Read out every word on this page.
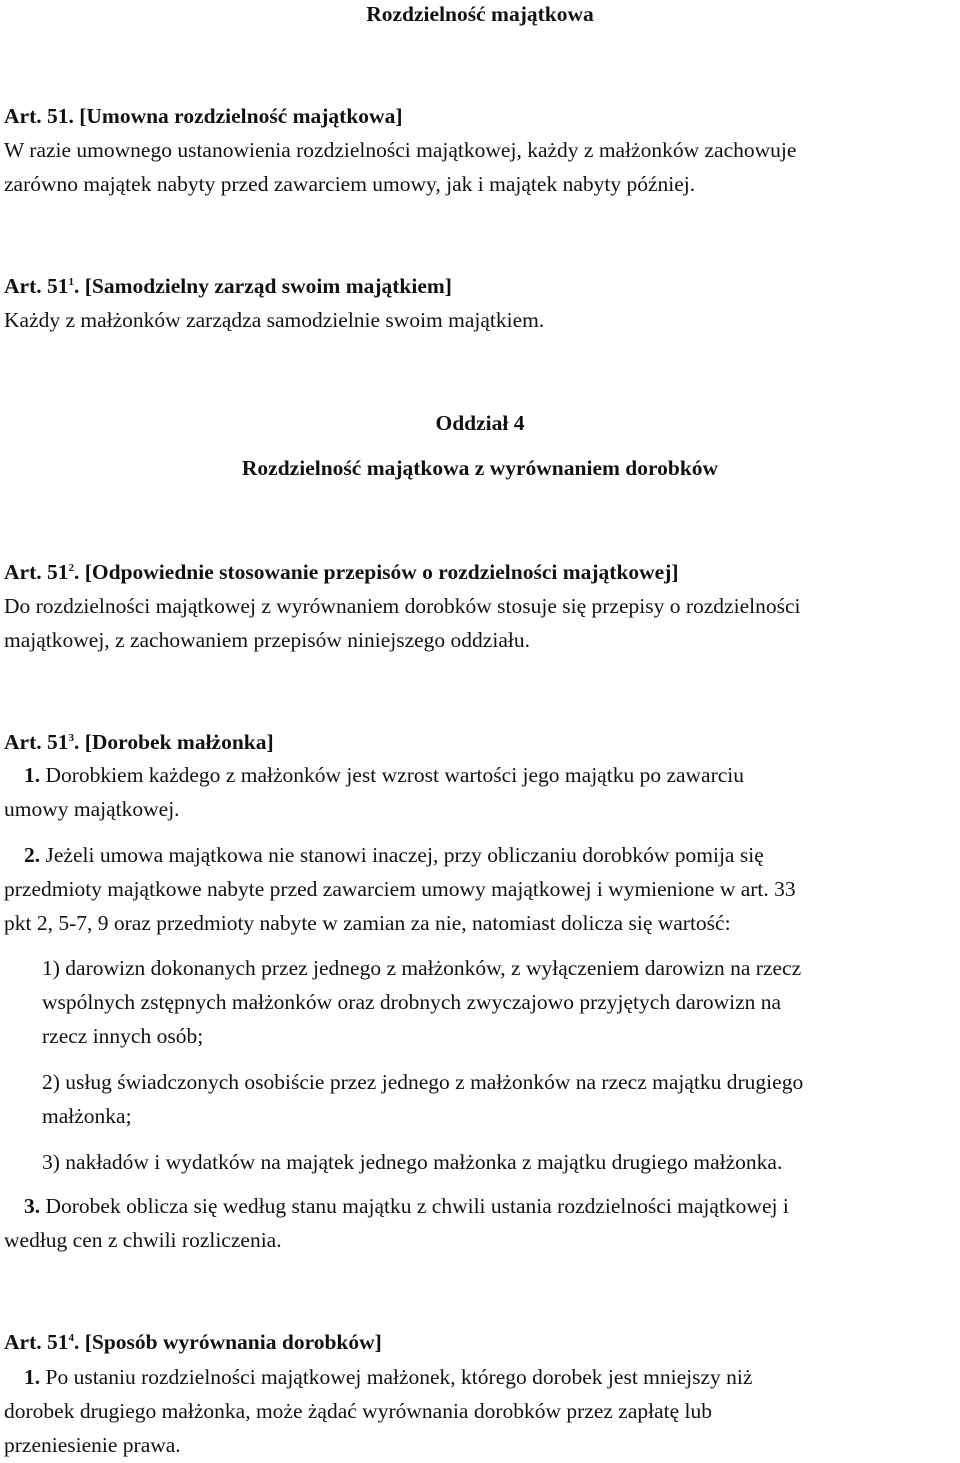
Rozdzielność majątkowa
Art. 51. [Umowna rozdzielność majątkowa]
W razie umownego ustanowienia rozdzielności majątkowej, każdy z małżonków zachowuje
zarówno majątek nabyty przed zawarciem umowy, jak i majątek nabyty później.
Art. $51^1$. [Samodzielny zarząd swoim majątkiem]
Każdy z małżonków zarządza samodzielnie swoim majątkiem.
Oddział 4
Rozdzielność majątkowa z wyrównaniem dorobków
Art. $51^2$. [Odpowiednie stosowanie przepisów o rozdzielności majątkowej]
Do rozdzielności majątkowej z wyrównaniem dorobków stosuje się przepisy o rozdzielności
majątkowej, z zachowaniem przepisów niniejszego oddziału.
Art. $51^3$. [Dorobek małżonka]
1. Dorobkiem każdego z małżonków jest wzrost wartości jego majątku po zawarciu
umowy majątkowej.
2. Jeżeli umowa majątkowa nie stanowi inaczej, przy obliczaniu dorobków pomija się
przedmioty majątkowe nabyte przed zawarciem umowy majątkowej i wymienione w art. 33
pkt 2, 5-7, 9 oraz przedmioty nabyte w zamian za nie, natomiast dolicza się wartość:
1) darowizn dokonanych przez jednego z małżonków, z wyłączeniem darowizn na rzecz
wspólnych zstępnych małżonków oraz drobnych zwyczajowo przyjętych darowizn na
rzecz innych osób;
2) usług świadczonych osobiście przez jednego z małżonków na rzecz majątku drugiego
małżonka;
3) nakładów i wydatków na majątek jednego małżonka z majątku drugiego małżonka.
3. Dorobek oblicza się według stanu majątku z chwili ustania rozdzielności majątkowej i
według cen z chwili rozliczenia.
Art. $51^4$. [Sposób wyrównania dorobków]
1. Po ustaniu rozdzielności majątkowej małżonek, którego dorobek jest mniejszy niż
dorobek drugiego małżonka, może żądać wyrównania dorobków przez zapłatę lub
przeniesienie prawa.
